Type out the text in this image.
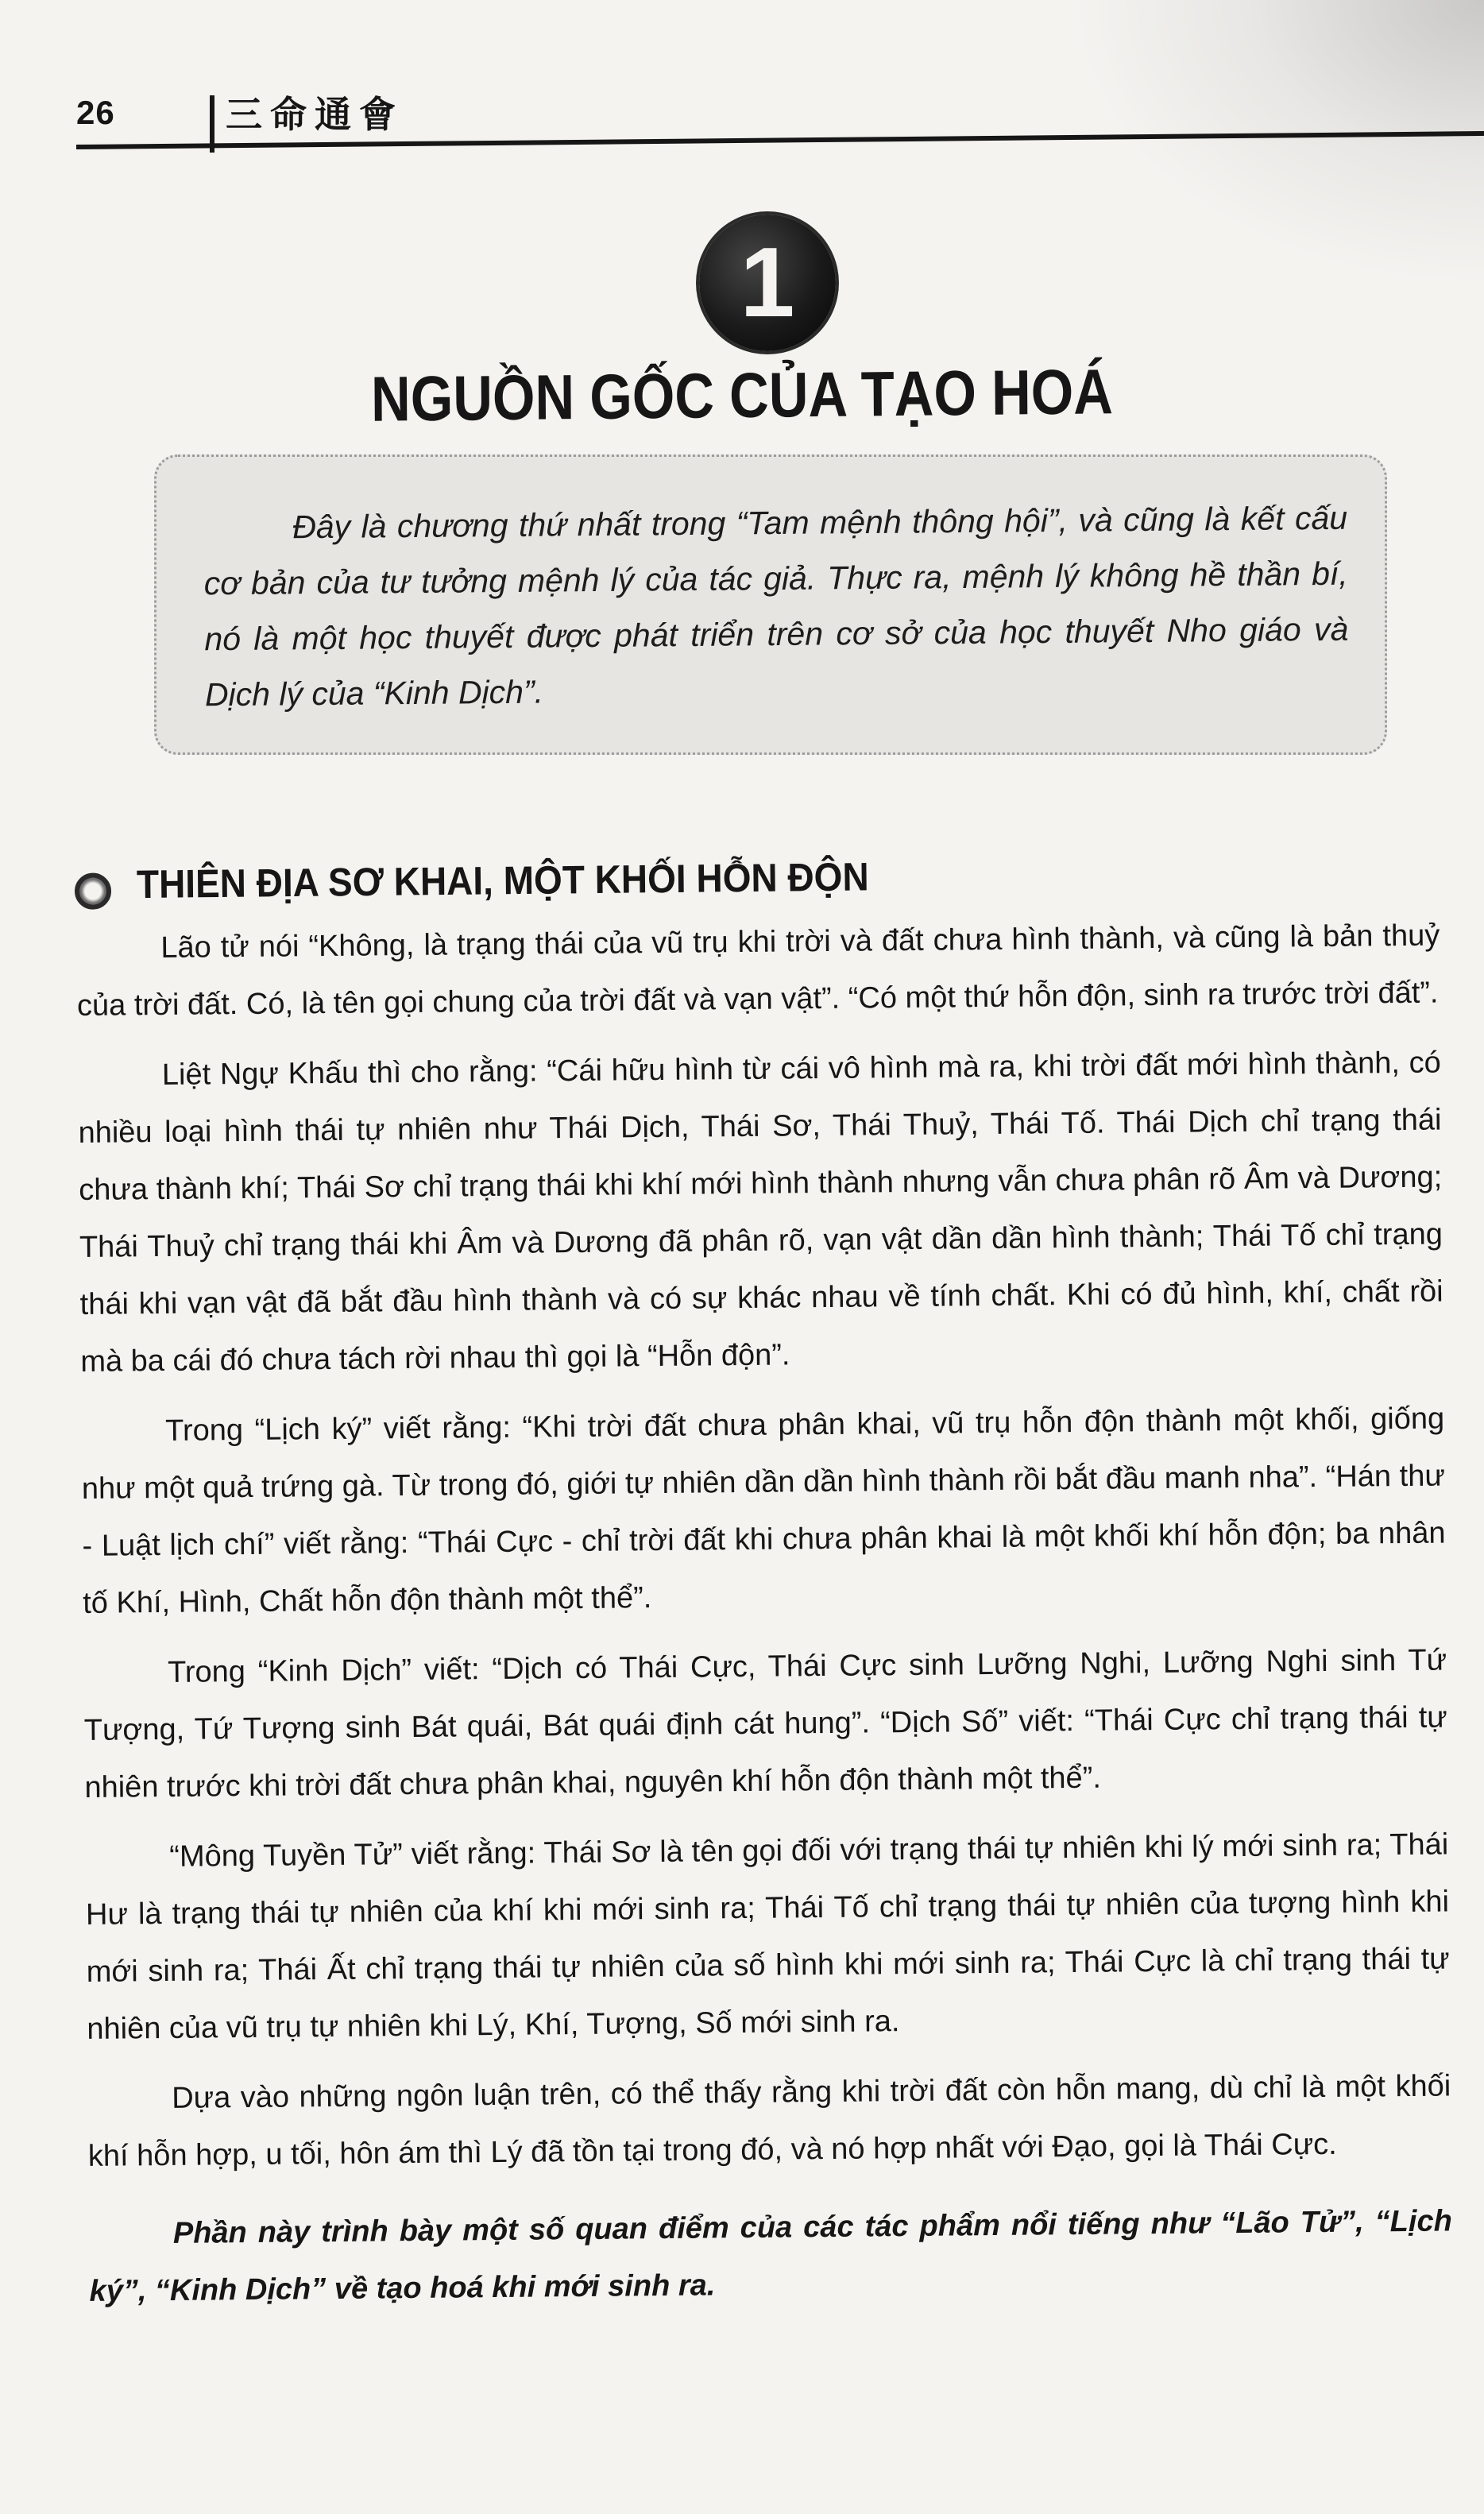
26	三命通會
1
NGUỒN GỐC CỦA TẠO HOÁ
Đây là chương thứ nhất trong “Tam mệnh thông hội”, và cũng là kết cấu cơ bản của tư tưởng mệnh lý của tác giả. Thực ra, mệnh lý không hề thần bí, nó là một học thuyết được phát triển trên cơ sở của học thuyết Nho giáo và Dịch lý của “Kinh Dịch”.
THIÊN ĐỊA SƠ KHAI, MỘT KHỐI HỖN ĐỘN

Lão tử nói “Không, là trạng thái của vũ trụ khi trời và đất chưa hình thành, và cũng là bản thuỷ của trời đất. Có, là tên gọi chung của trời đất và vạn vật”. “Có một thứ hỗn độn, sinh ra trước trời đất”.

Liệt Ngự Khấu thì cho rằng: “Cái hữu hình từ cái vô hình mà ra, khi trời đất mới hình thành, có nhiều loại hình thái tự nhiên như Thái Dịch, Thái Sơ, Thái Thuỷ, Thái Tố. Thái Dịch chỉ trạng thái chưa thành khí; Thái Sơ chỉ trạng thái khi khí mới hình thành nhưng vẫn chưa phân rõ Âm và Dương; Thái Thuỷ chỉ trạng thái khi Âm và Dương đã phân rõ, vạn vật dần dần hình thành; Thái Tố chỉ trạng thái khi vạn vật đã bắt đầu hình thành và có sự khác nhau về tính chất. Khi có đủ hình, khí, chất rồi mà ba cái đó chưa tách rời nhau thì gọi là “Hỗn độn”.

Trong “Lịch ký” viết rằng: “Khi trời đất chưa phân khai, vũ trụ hỗn độn thành một khối, giống như một quả trứng gà. Từ trong đó, giới tự nhiên dần dần hình thành rồi bắt đầu manh nha”. “Hán thư - Luật lịch chí” viết rằng: “Thái Cực - chỉ trời đất khi chưa phân khai là một khối khí hỗn độn; ba nhân tố Khí, Hình, Chất hỗn độn thành một thể”.

Trong “Kinh Dịch” viết: “Dịch có Thái Cực, Thái Cực sinh Lưỡng Nghi, Lưỡng Nghi sinh Tứ Tượng, Tứ Tượng sinh Bát quái, Bát quái định cát hung”. “Dịch Số” viết: “Thái Cực chỉ trạng thái tự nhiên trước khi trời đất chưa phân khai, nguyên khí hỗn độn thành một thể”.

“Mông Tuyền Tử” viết rằng: Thái Sơ là tên gọi đối với trạng thái tự nhiên khi lý mới sinh ra; Thái Hư là trạng thái tự nhiên của khí khi mới sinh ra; Thái Tố chỉ trạng thái tự nhiên của tượng hình khi mới sinh ra; Thái Ất chỉ trạng thái tự nhiên của số hình khi mới sinh ra; Thái Cực là chỉ trạng thái tự nhiên của vũ trụ tự nhiên khi Lý, Khí, Tượng, Số mới sinh ra.

Dựa vào những ngôn luận trên, có thể thấy rằng khi trời đất còn hỗn mang, dù chỉ là một khối khí hỗn hợp, u tối, hôn ám thì Lý đã tồn tại trong đó, và nó hợp nhất với Đạo, gọi là Thái Cực.

Phần này trình bày một số quan điểm của các tác phẩm nổi tiếng như “Lão Tử”, “Lịch ký”, “Kinh Dịch” về tạo hoá khi mới sinh ra.
